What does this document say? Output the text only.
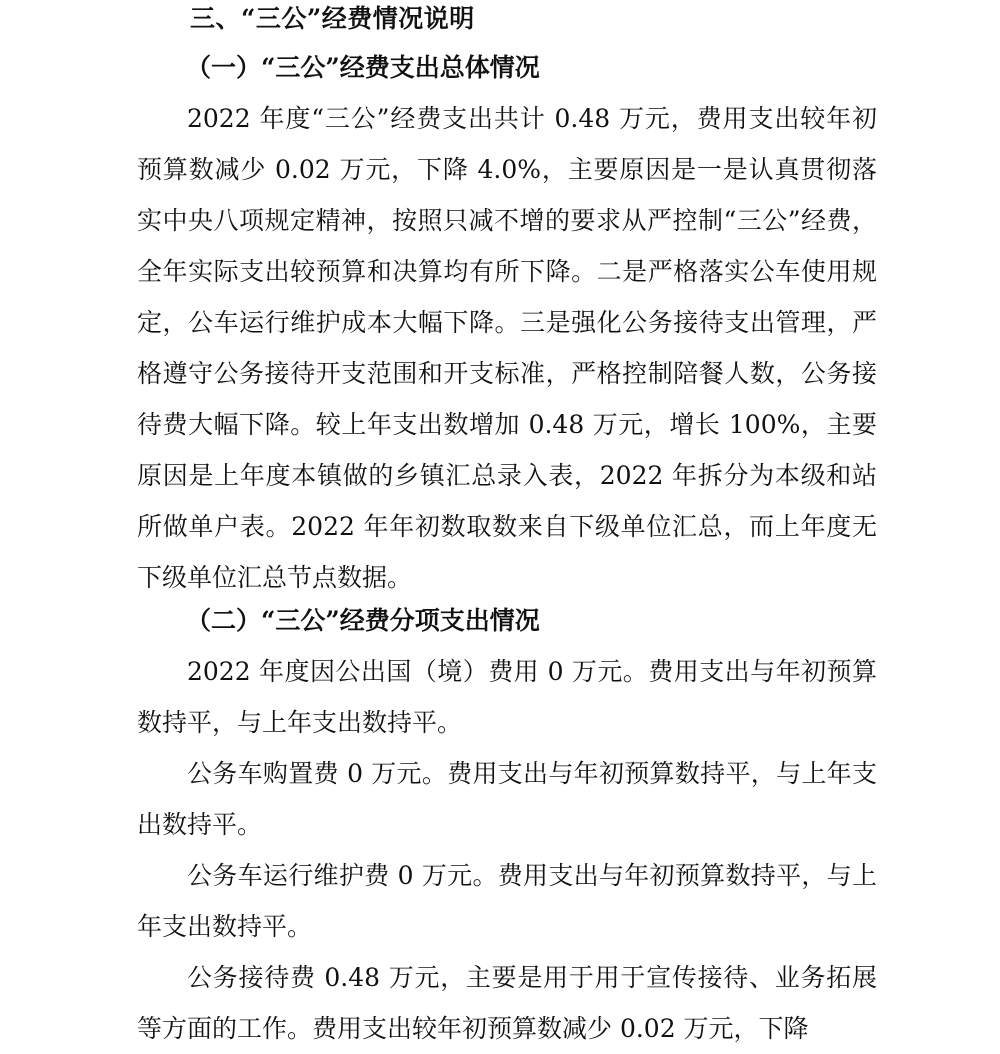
三、“三公”经费情况说明
（一）“三公”经费支出总体情况

2022 年度“三公”经费支出共计 0.48 万元，费用支出较年初预算数减少 0.02 万元，下降 4.0%，主要原因是一是认真贯彻落实中央八项规定精神，按照只减不增的要求从严控制“三公”经费，全年实际支出较预算和决算均有所下降。二是严格落实公车使用规定，公车运行维护成本大幅下降。三是强化公务接待支出管理，严格遵守公务接待开支范围和开支标准，严格控制陪餐人数，公务接待费大幅下降。较上年支出数增加 0.48 万元，增长 100%，主要原因是上年度本镇做的乡镇汇总录入表，2022 年拆分为本级和站所做单户表。2022 年年初数取数来自下级单位汇总，而上年度无下级单位汇总节点数据。

（二）“三公”经费分项支出情况

2022 年度因公出国（境）费用 0 万元。费用支出与年初预算数持平，与上年支出数持平。

公务车购置费 0 万元。费用支出与年初预算数持平，与上年支出数持平。

公务车运行维护费 0 万元。费用支出与年初预算数持平，与上年支出数持平。

公务接待费 0.48 万元，主要是用于用于宣传接待、业务拓展等方面的工作。费用支出较年初预算数减少 0.02 万元，下降
